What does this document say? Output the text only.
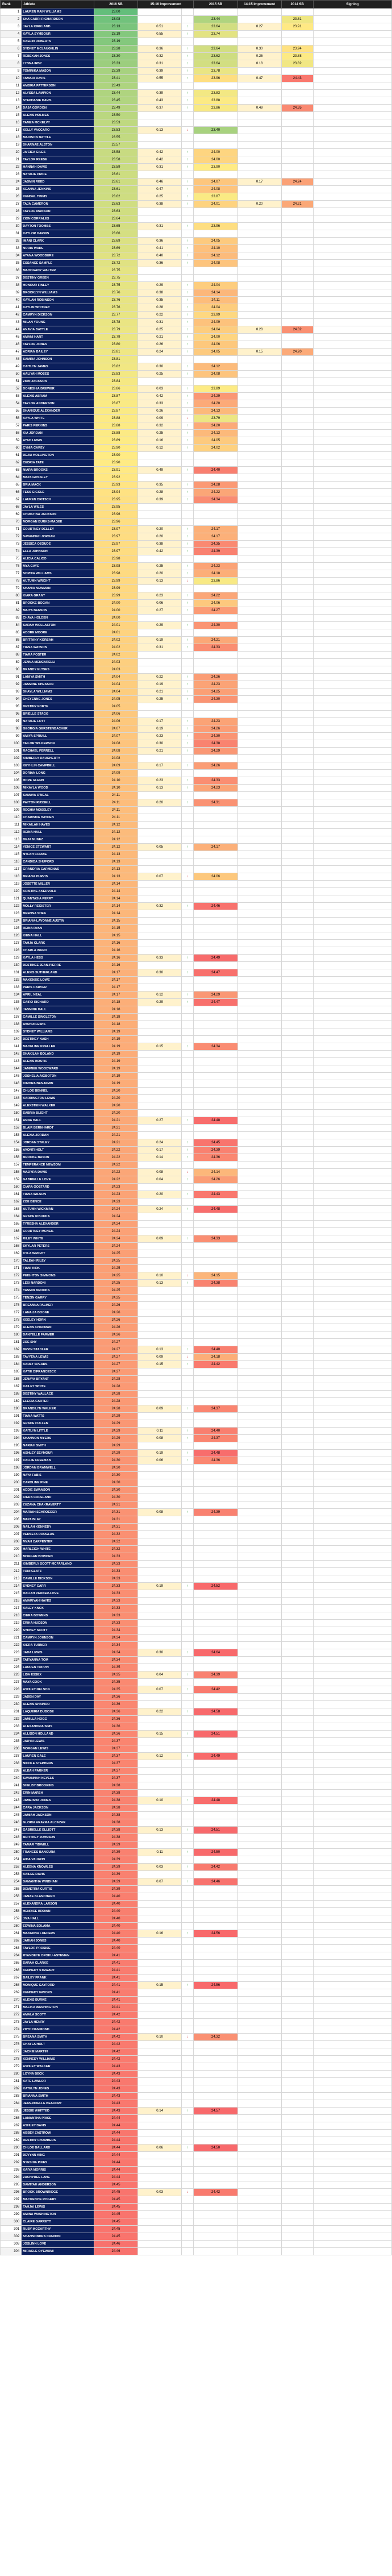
Rank	Athlete	2016 SB	15-16 Improvement		2015 SB	14-15 Improvement	2014 SB	Signing
1	LAUREN RAIN WILLIAMS	23.00						
2	SHA'CARRI RICHARDSON	23.08			23.44		23.81	
3	JAYLA KIRKLAND	23.13	0.51	↑	23.64	0.27	23.91	
4	KAYLA SYMBOUR	23.19	0.55	↑	23.74			
5	KAELIN ROBERTS	23.19						
6	SYDNEY MCLAUGHLIN	23.28	0.36	↑	23.64	0.30	23.94	
7	REBEKAH JONES	23.30	0.32	↑	23.62	0.26	23.88	
8	LYNNA IRBY	23.33	0.31	↑	23.64	0.18	23.82	
9	TOMINIKA MASON	23.39	0.39	↑	23.78			
10	TAMARI DAVIS	23.41	0.55	↑	23.96	0.47	24.43	
11	AMBRIA PATTERSON	23.43						
12	ALYSSA LAMPION	23.44	0.39	↑	23.83			
13	STEPHANIE DAVIS	23.45	0.43	↑	23.88			
14	DAJA GORDON	23.49	0.37	↑	23.86	0.49	24.35	
15	ALEXIS HOLMES	23.50						
16	TAMEA MCKELVY	23.53						
17	KELLY VACCARO	23.53	0.13	↓	23.40			
18	MADISON BATTLE	23.55						
19	SHARNAE ALSTON	23.57						
20	JA'CIEA GILES	23.58	0.42	↑	24.00			
21	TAYLOR REESE	23.58	0.42	↑	24.00			
22	HANNAH DAVIS	23.59	0.31	↑	23.90			
23	NATALIE PRICE	23.61						
24	JASMIN REED	23.61	0.46	↑	24.07	0.17	24.24	
25	KEANNA JENKINS	23.61	0.47	↑	24.08			
26	KENDAL TIMMS	23.62	0.25	↑	23.87			
27	TAJA CAMERON	23.63	0.38	↑	24.01	0.20	24.21	
28	TAYLOR MANSON	23.63						
29	ZION CORRALES	23.64						
30	DAYTON TOOMBS	23.65	0.31	↑	23.96			
31	KAYLOR HARRIS	23.66						
32	IMANI CLARK	23.69	0.36	↑	24.05			
33	NORIA WADE	23.69	0.41	↑	24.10			
34	AYANA WOODBURE	23.72	0.40	↑	24.12			
35	ESSANCE SAMPLE	23.72	0.36	↑	24.08			
36	MAHOGANY WALTER	23.75						
37	DESTINY GREEN	23.75						
38	HONOUR FINLEY	23.75	0.29	↑	24.04			
39	BROOKLYN WILLIAMS	23.76	0.38	↑	24.14			
40	KAYLAH ROBINSON	23.76	0.35	↑	24.11			
41	KAYLIN WHITNEY	23.76	0.28	↑	24.04			
42	CAMRYN DICKSON	23.77	0.22	↑	23.99			
43	MILAN YOUNG	23.78	0.31	↑	24.09			
44	ANAVIA BATTLE	23.79	0.25	↑	24.04	0.28	24.32	
45	AMANI HART	23.79	0.21	↑	24.00			
46	TAYLOR JONES	23.80	0.26	↑	24.06			
47	ADRIAN BAILEY	23.81	0.24	↑	24.05	0.15	24.20	
48	SAMIRA JOHNSON	23.81						
49	CAITLYN JAMES	23.82	0.30	↑	24.12			
50	AALIYAH MOSES	23.83	0.25	↑	24.08			
51	ZION JACKSON	23.84						
52	DONESHIA BREWER	23.86	0.03	↑	23.89			
53	ALEXIS ABRAM	23.87	0.42	↑	24.29			
54	TAYLOR ANDERSON	23.87	0.33	↑	24.20			
55	SHANIQUE ALEXANDER	23.87	0.26	↑	24.13			
56	KAYLA WHITE	23.88	0.09	↓	23.79			
57	PARIS PERKINS	23.88	0.32	↑	24.20			
58	KIA JORDAN	23.88	0.25	↑	24.13			
59	AYAH LEWIS	23.89	0.16	↑	24.05			
60	CYNIA CAREY	23.90	0.12	↑	24.02			
61	DEJIA HOLLINGTON	23.90						
62	CEDRIA TATE	23.90						
63	NIARA BROOKS	23.91	0.49	↑	24.40			
64	MAYA GOSSLEY	23.92						
65	BRIA MACK	23.93	0.35	↑	24.28			
66	TESS GIGGLE	23.94	0.28	↑	24.22			
67	LAUREN DRITSCH	23.95	0.39	↑	24.34			
68	JAYLA WILES	23.95						
69	CHRISTINA JACKSON	23.96						
70	MORGAN BURKS-MAGEE	23.96						
71	COURTNEY DELLEY	23.97	0.20	↑	24.17			
72	SAVANNAH JORDAN	23.97	0.20	↑	24.17			
73	JESSICA OZOUDE	23.97	0.38	↑	24.35			
74	ELLA JOHNSON	23.97	0.42	↑	24.39			
75	ALICIA CALICO	23.98						
76	MYA GAYE	23.98	0.25	↑	24.23			
77	SOPHIA WILLIAMS	23.98	0.20	↑	24.18			
78	AUTUMN WRIGHT	23.99	0.13	↓	23.86			
79	SHANIA NEWMAN	23.99						
80	KIARA GRANT	23.99	0.23	↑	24.22			
81	BROOKE BOGAN	24.00	0.06	↑	24.06			
82	MAIYA BENSON	24.00	0.27	↑	24.27			
83	CHAYA HOLDEN	24.00						
84	SARAH WOLLASTON	24.01	0.29	↑	24.30			
85	ADORE MOORE	24.01						
86	BRITTANY KORSAH	24.02	0.19	↑	24.21			
87	TIANA WATSON	24.02	0.31	↑	24.33			
88	TIARA FOSTER	24.02						
89	JENNA MENCARELLI	24.03						
90	BRANDY ELTSES	24.03						
91	LANIYA SMITH	24.04	0.22	↑	24.26			
92	JASMINE CHESSON	24.04	0.19	↑	24.23			
93	SHAYLA WILLIAMS	24.04	0.21	↑	24.25			
94	CHEYENNE JONES	24.05	0.25	↑	24.30			
95	DESTINY FORTE	24.05						
96	BRIELLE STAGG	24.06						
97	NATALIE LOTT	24.06	0.17	↑	24.23			
98	GEORGIA GERSTENBACHER	24.07	0.19	↑	24.26			
99	AMIYA SPRUILL	24.07	0.23	↑	24.30			
100	TAILOR WILKERSON	24.08	0.30	↑	24.38			
101	RACHAEL FERRELL	24.08	0.21	↑	24.29			
102	KIMBERLY DAUGHERTY	24.08						
103	KEYHLIN CAMPBELL	24.09	0.17	↑	24.26			
104	DORIAN LONG	24.09						
105	HOPE GLENN	24.10	0.23	↑	24.33			
106	MIKAYLA WOOD	24.10	0.13	↑	24.23			
107	SAMAYA O'NEAL	24.11						
108	PAYTON RUSSELL	24.11	0.20	↑	24.31			
109	REGHIA MOSELEY	24.11						
110	CHARISMA HAYDEN	24.11						
111	MIKAILAH HAYES	24.12						
112	REINA HALL	24.12						
113	DEJA NUNEZ	24.12						
114	VENICE STEWART	24.12	0.05	↑	24.17			
115	NYLAH CURRIE	24.13						
116	CANDIDA SHUFORD	24.13						
117	GRANDRIA CARMENAS	24.13						
118	BRIANA PURVIS	24.13	0.07	↓	24.06			
119	JOSETTE MILLER	24.14						
120	KRISTINE AKERVOLD	24.14						
121	QUANTASIA PERRY	24.14						
122	MOLLY REGISTER	24.14	0.32	↑	24.46			
123	BRENNA SHEA	24.14						
124	BRIANA-LAVONNE AUSTIN	24.15						
125	REINA RYAN	24.15						
126	KIENA HALL	24.15						
127	TAHJA CLARK	24.16						
128	CHARLA WARD	24.16						
129	KAYLA HESS	24.16	0.33	↑	24.49			
130	DESTINEE JEAN-PIERRE	24.16						
131	ALEXIS SUTHERLAND	24.17	0.30	↑	24.47			
132	MAKENZIE LOWE	24.17						
133	PARIS CARVER	24.17						
134	APRIL NEAL	24.17	0.12	↑	24.29			
135	CAIRO RICHARD	24.18	0.29	↑	24.47			
136	JASMINE HALL	24.18						
137	CAMILLE SINGLETON	24.18						
138	AVAHRI LEWIS	24.18						
139	SYDNEY WILLIAMS	24.19						
140	DESTINEY NASH	24.19						
141	MADELINE KRELLER	24.19	0.15	↑	24.34			
142	SHAKILAH BOLAND	24.19						
143	ALEXIS BOSTIC	24.19						
144	JAMMIEE WOODWARD	24.19						
145	JOSHELIA AIGBOTON	24.19						
146	KIMORA BENJAMIN	24.19						
147	CHLOE BENNEL	24.20						
148	KARRINGTON LEWIS	24.20						
149	ALEXSTEIN WALKER	24.20						
150	SABRIA BLIGHT	24.20						
151	ANNA HALL	24.21	0.27	↑	24.48			
152	BLAIR BERNHARDT	24.21						
153	ALEXIA JORDAN	24.21						
154	JORDAN STALEY	24.21	0.24	↑	24.45			
155	AVONTI HOLT	24.22	0.17	↑	24.39			
156	BROOKE BASON	24.22	0.14	↑	24.36			
157	TEMPERANCE NEWSOM	24.22						
158	MADYRA DAVIS	24.22	0.08	↓	24.14			
159	GABRIELLE LOVE	24.22	0.04	↑	24.26			
160	CIARA GOSTARD	24.23						
161	TIANA WILSON	24.23	0.20	↑	24.43			
162	ZOE BENCE	24.23						
163	AUTUMN WICKMAN	24.24	0.24	↑	24.48			
164	GRACE KIBUUKA	24.24						
165	TYRESHA ALEXANDER	24.24						
166	COURTNEY MCNEIL	24.24						
167	RILEY WHITE	24.24	0.09	↑	24.33			
168	SKYLAR PETERS	24.24						
169	KYLA WRIGHT	24.25						
170	TALEAH RILEY	24.25						
171	TIANI KIRK	24.25						
172	PEIGHTON SIMMONS	24.25	0.10	↓	24.15			
173	LEXI NARDONI	24.25	0.13	↑	24.38			
174	YASMIN BROOKS	24.25						
175	TENZIN GARRY	24.25						
176	BREANNA PALMER	24.26						
177	LANAIJA BOONE	24.26						
178	KEELEY HORN	24.26						
179	ALEXIS CHAPMAN	24.26						
180	DANYELLE FARMER	24.26						
181	ZOE SHY	24.27						
182	DEVIN STADLER	24.27	0.13	↑	24.40			
183	TAVYENA LEWIS	24.27	0.09	↓	24.18			
184	KARLY SPEARS	24.27	0.15	↑	24.42			
185	KATIE DIFRANCESCO	24.27						
186	JENAYA BRYANT	24.28						
187	KAILEY WHITE	24.28						
188	DESTINY WALLACE	24.28						
189	ELECIA CARTER	24.28						
190	BRANDILYN WALKER	24.28	0.09	↑	24.37			
191	TIANA WATTS	24.29						
192	GRACE CULLEN	24.29						
193	KAITLYN LITTLE	24.29	0.11	↑	24.40			
194	SHANNON MYERS	24.29	0.08	↑	24.37			
195	NARIAH SMITH	24.29						
196	ASHLEY SEYMOUR	24.29	0.19	↑	24.48			
197	CALLIE FREEMAN	24.30	0.06	↑	24.36			
198	JORDAN BRAMWELL	24.30						
199	NAYA FABIS	24.30						
200	CAROLINE PINE	24.30						
201	ADDIE SWANSON	24.30						
202	CIERA COPELAND	24.30						
203	ZUZANA CHAKRAVERTY	24.31						
204	MARIAH SCHROEDER	24.31	0.08	↑	24.39			
205	MAYA BLAY	24.31						
206	NAILAH KENNEDY	24.31						
207	VERSETA DOUGLAS	24.32						
208	MYAH CARPENTER	24.32						
209	HARLEIGH WHITE	24.32						
210	MORGAN BOWDEN	24.33						
211	KIMBERLY SCOTT-MCFARLAND	24.33						
212	TONI GLATZ	24.33						
213	CAMILLE DICKSON	24.33						
214	SYDNEY CARR	24.33	0.19	↑	24.52			
215	DALIAH PARKER-LOVE	24.33						
216	AMARIYAH HAYES	24.33						
217	KALEY KNOX	24.33						
218	CIERA BOWENS	24.33						
219	ERIKA HUDSON	24.33						
220	SYDNEY SCOTT	24.34						
221	CAMRYN JOHNSON	24.34						
222	KIERA TURNER	24.34						
223	JADA LEWIS	24.34	0.30	↑	24.64			
224	TATIYANNA TOM	24.34						
225	LAUREN TOPPIN	24.35						
226	LISA ESSEX	24.35	0.04	↑	24.39			
227	MAYA COOK	24.35						
228	ASHLEY NELSON	24.35	0.07	↑	24.42			
229	JADEN DAY	24.36						
230	ALEXIS SHAPIRO	24.36						
231	LAQUERIA DUBOSE	24.36	0.22	↑	24.58			
232	JAMILLA HOGG	24.36						
233	ALEXANDRIA SIMS	24.36						
234	ALLISON HOLLAND	24.36	0.15	↑	24.51			
235	JADYN LEWIS	24.37						
236	MORGAN LEWIS	24.37						
237	LAUREN GALE	24.37	0.12	↑	24.49			
238	NICOLE STEPHENS	24.37						
239	ALEAH PARKER	24.37						
240	SAVANNAH NEVELS	24.37						
241	SHELBY BROOKINS	24.38						
242	ERIN MARSH	24.38						
243	JAMEISHA JONES	24.38	0.10	↑	24.48			
244	CARA JACKSON	24.38						
245	JAMIAH JACKSON	24.38						
246	GLORIA ARAYMA ALCAZAR	24.38						
247	GABRIELLE ELLIOTT	24.38	0.13	↑	24.51			
248	BRITTNEY JOHNSON	24.38						
249	TAMAR TIDWELL	24.39						
250	FRANCES BANGURA	24.39	0.11	↑	24.50			
251	AIDA VAUGHN	24.39						
252	ALEENA KNOWLES	24.39	0.03	↑	24.42			
253	KAILEE DAVIS	24.39						
254	SAMANTHA WINDHAM	24.39	0.07	↑	24.46			
255	DEMETRIA CURTIS	24.39						
256	JANAE BLANCHARD	24.40						
257	ALEXANDRA LARSON	24.40						
258	HENRICE BROWN	24.40						
259	JIYA HALL	24.40						
260	EDWINA SOLAMA	24.40						
261	MAKENNA LUEDERS	24.40	0.16	↑	24.56			
262	JARIAH JONES	24.40						
263	TAYLOR PROSISE	24.40						
264	RYANDEYE OPOKU-ASTEMAN	24.41						
265	SARAH CLARKE	24.41						
266	KENNEDY STEWART	24.41						
267	BAILEY FRANK	24.41						
268	MONIQUE GAYFORD	24.41	0.15	↑	24.56			
269	KENNEDY FAVORS	24.41						
270	ALEXIS BURKE	24.41						
271	MALIKA WASHINGTON	24.41						
272	AMALA SCOTT	24.42						
273	JAYLA HENRY	24.42						
274	ZHYH HAMMOND	24.42						
275	BREANA SMITH	24.42	0.10	↓	24.32			
276	CHAYLA HOLT	24.42						
277	JACKIE MARTIN	24.42						
278	KENNEDY WILLIAMS	24.42						
279	ASHLEY WALKER	24.43						
280	LOYNA BECK	24.43						
281	KATE LAWLOR	24.43						
282	KATELYN JONES	24.43						
283	BRIANNA SMITH	24.43						
284	JEAN-NOELLE BEAUDRY	24.43						
285	JESSIE WHITTED	24.43	0.14	↑	24.57			
286	LAMANTHA PRICE	24.44						
287	ASHLEY DAVIS	24.44						
288	ABBEY ZASTROW	24.44						
289	DESTINY CHAMBERS	24.44						
290	CHLOE BALLARD	24.44	0.06	↑	24.50			
291	DEVYNN KING	24.44						
292	NYESHIA PIKES	24.44						
293	KAIYA MORRIS	24.44						
294	ZACHYREE LANE	24.44						
295	SAMIYAH ANDERSON	24.45						
296	BROOK BROWNRIDGE	24.45	0.03	↓	24.42			
297	MACKENZIE ROGERS	24.45						
298	TAHJAI LEWIS	24.45						
299	AMINA WASHINGTON	24.45						
300	CLAIRE GARRETT	24.45						
301	RUBY MCCARTHY	24.45						
302	SHANNONDRA CANNON	24.45						
303	JOSLINN LOVE	24.46						
304	MIRACLE OYEWUMI	24.46						
